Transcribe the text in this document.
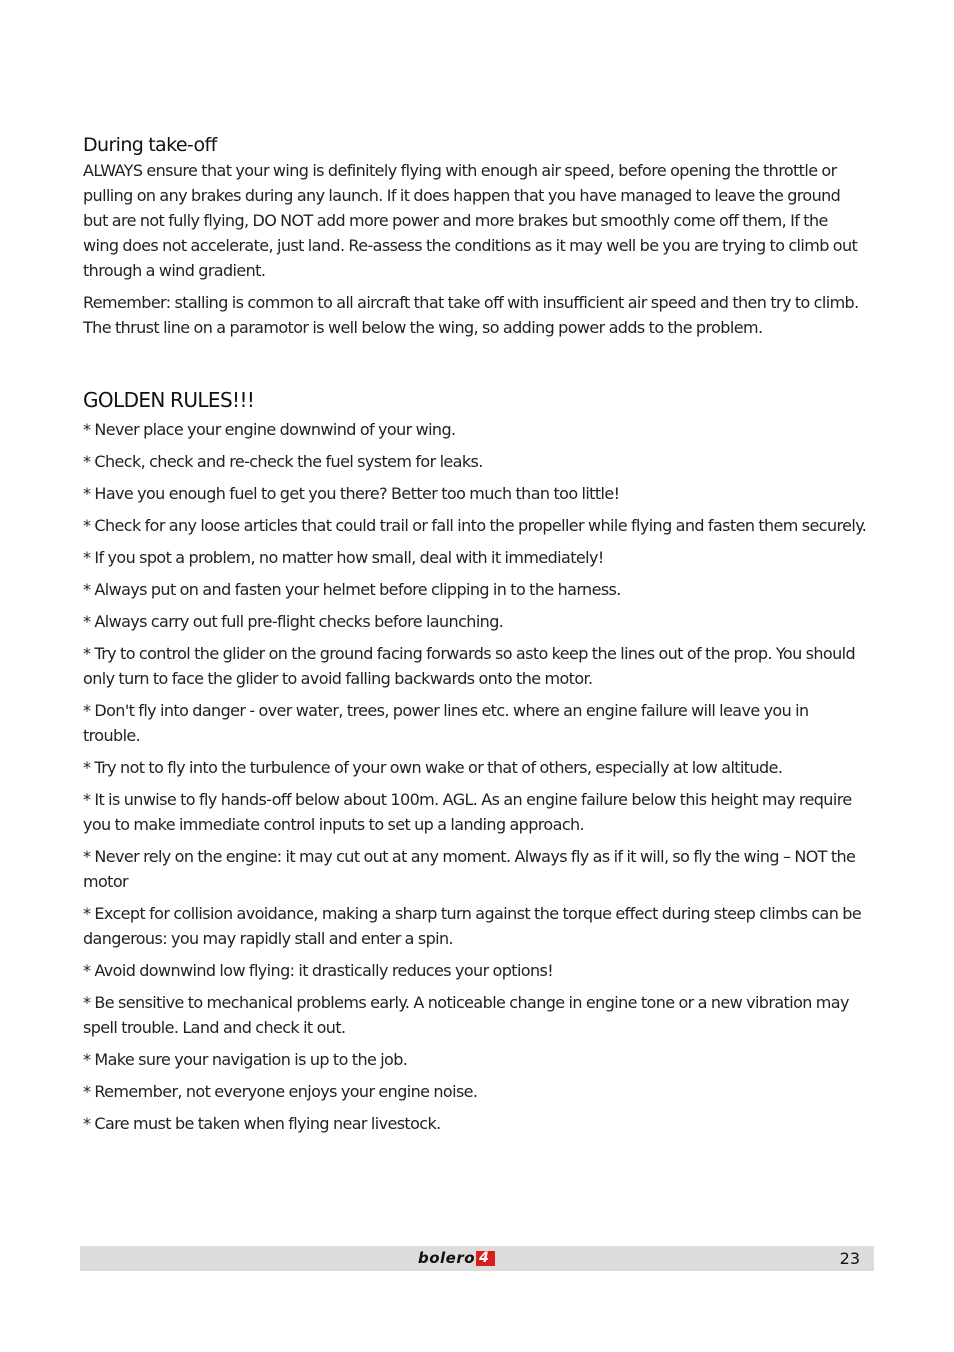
During take-off

ALWAYS ensure that your wing is definitely flying with enough air speed, before opening the throttle or pulling on any brakes during any launch. If it does happen that you have managed to leave the ground but are not fully flying, DO NOT add more power and more brakes but smoothly come off them, If the wing does not accelerate, just land. Re-assess the conditions as it may well be you are trying to climb out through a wind gradient.

Remember: stalling is common to all aircraft that take off with insufficient air speed and then try to climb. The thrust line on a paramotor is well below the wing, so adding power adds to the problem.

GOLDEN RULES!!!
* Never place your engine downwind of your wing.
* Check, check and re-check the fuel system for leaks.
* Have you enough fuel to get you there? Better too much than too little!
* Check for any loose articles that could trail or fall into the propeller while flying and fasten them securely.
* If you spot a problem, no matter how small, deal with it immediately!
* Always put on and fasten your helmet before clipping in to the harness.
* Always carry out full pre-flight checks before launching.
* Try to control the glider on the ground facing forwards so asto keep the lines out of the prop. You should only turn to face the glider to avoid falling backwards onto the motor.
* Don't fly into danger - over water, trees, power lines etc. where an engine failure will leave you in trouble.
* Try not to fly into the turbulence of your own wake or that of others, especially at low altitude.
* It is unwise to fly hands-off below about 100m. AGL. As an engine failure below this height may require you to make immediate control inputs to set up a landing approach.
* Never rely on the engine: it may cut out at any moment. Always fly as if it will, so fly the wing – NOT the motor
* Except for collision avoidance, making a sharp turn against the torque effect during steep climbs can be dangerous: you may rapidly stall and enter a spin.
* Avoid downwind low flying: it drastically reduces your options!
* Be sensitive to mechanical problems early. A noticeable change in engine tone or a new vibration may spell trouble. Land and check it out.
* Make sure your navigation is up to the job.
* Remember, not everyone enjoys your engine noise.
* Care must be taken when flying near livestock.
bolero 4	23
